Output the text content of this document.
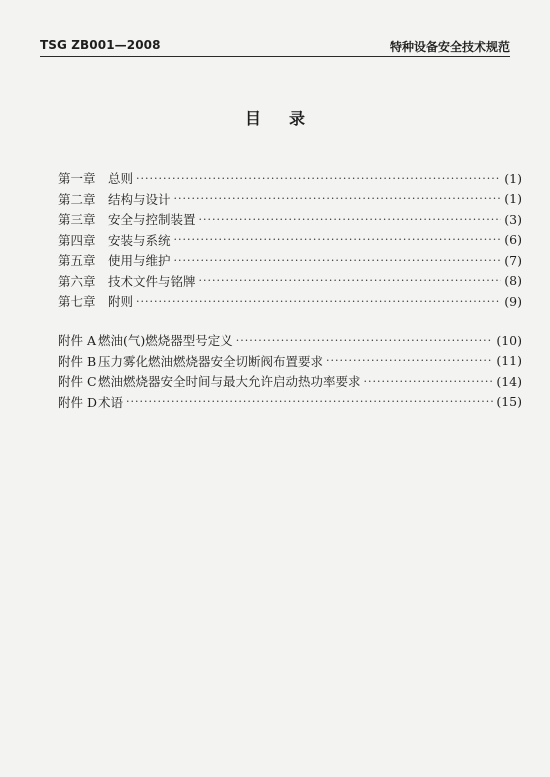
TSG ZB001—2008	特种设备安全技术规范
目录
第一章 总则 ·····	(1)
第二章 结构与设计 ·····	(1)
第三章 安全与控制装置 ·····	(3)
第四章 安装与系统 ·····	(6)
第五章 使用与维护 ·····	(7)
第六章 技术文件与铭牌 ·····	(8)
第七章 附则 ·····	(9)
附件 A 燃油(气)燃烧器型号定义 ·····	(10)
附件 B 压力雾化燃油燃烧器安全切断阀布置要求 ·····	(11)
附件 C 燃油燃烧器安全时间与最大允许启动热功率要求 ·····	(14)
附件 D 术语 ·····	(15)
